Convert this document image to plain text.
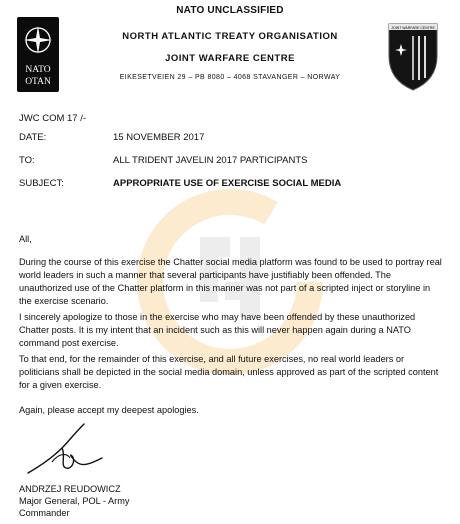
NATO UNCLASSIFIED
NATO
OTAN
NORTH ATLANTIC TREATY ORGANISATION
JOINT WARFARE CENTRE
EIKESETVEIEN 29 – PB 8080 – 4068 STAVANGER – NORWAY
JOINT WARFARE CENTRE
JWC COM 17 /-
DATE:	15 NOVEMBER 2017
TO:	ALL TRIDENT JAVELIN 2017 PARTICIPANTS
SUBJECT:	APPROPRIATE USE OF EXERCISE SOCIAL MEDIA
All,

During the course of this exercise the Chatter social media platform was found to be used to portray real world leaders in such a manner that several participants have justifiably been offended. The unauthorized use of the Chatter platform in this manner was not part of a scripted inject or storyline in the exercise scenario.

I sincerely apologize to those in the exercise who may have been offended by these unauthorized Chatter posts. It is my intent that an incident such as this will never happen again during a NATO command post exercise.

To that end, for the remainder of this exercise, and all future exercises, no real world leaders or politicians shall be depicted in the social media domain, unless approved as part of the scripted content for a given exercise.

Again, please accept my deepest apologies.
ANDRZEJ REUDOWICZ
Major General, POL - Army
Commander
